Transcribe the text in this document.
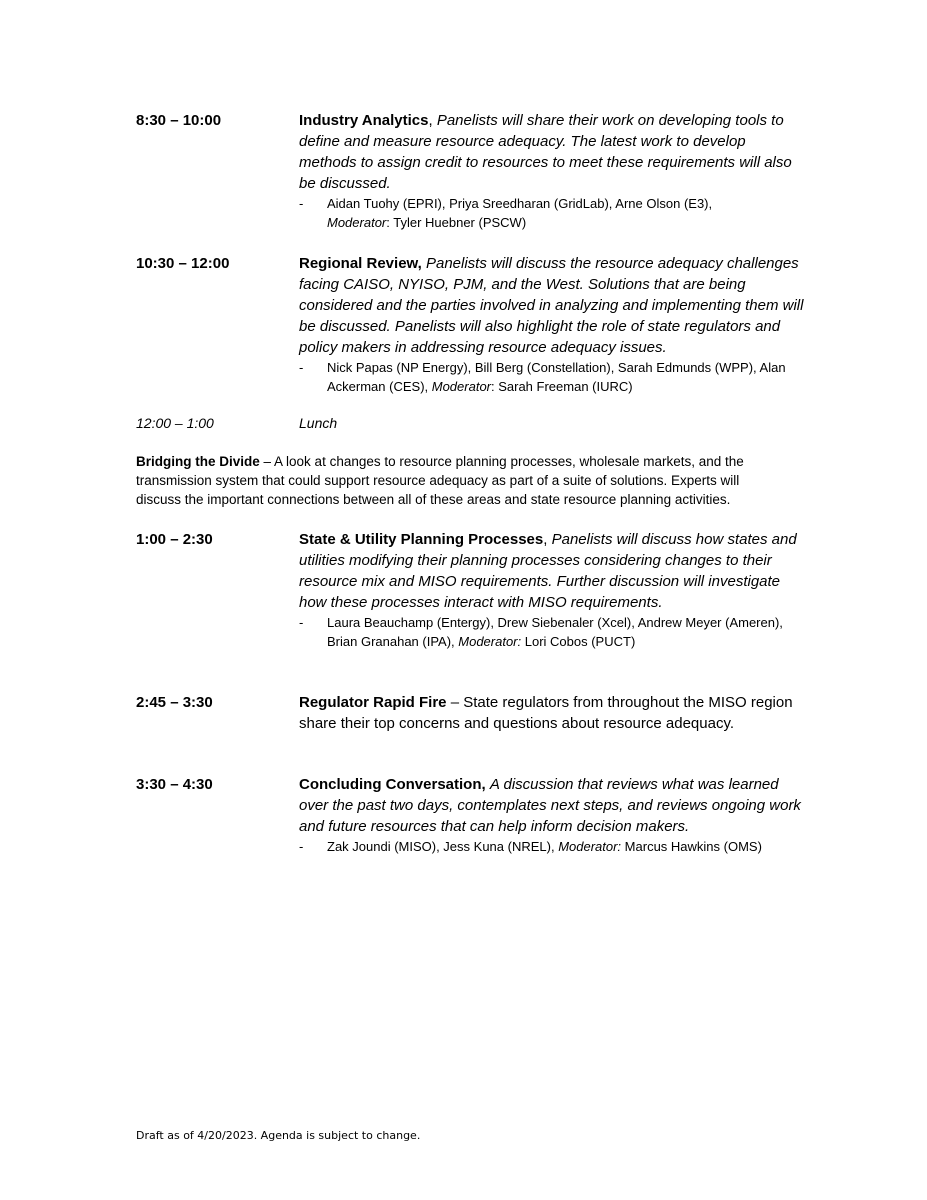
8:30 – 10:00	Industry Analytics, Panelists will share their work on developing tools to define and measure resource adequacy. The latest work to develop methods to assign credit to resources to meet these requirements will also be discussed.

- Aidan Tuohy (EPRI), Priya Sreedharan (GridLab), Arne Olson (E3),
Moderator: Tyler Huebner (PSCW)

10:30 – 12:00	Regional Review, Panelists will discuss the resource adequacy challenges facing CAISO, NYISO, PJM, and the West. Solutions that are being considered and the parties involved in analyzing and implementing them will be discussed. Panelists will also highlight the role of state regulators and policy makers in addressing resource adequacy issues.

- Nick Papas (NP Energy), Bill Berg (Constellation), Sarah Edmunds (WPP), Alan Ackerman (CES), Moderator: Sarah Freeman (IURC)

12:00 – 1:00	Lunch

Bridging the Divide – A look at changes to resource planning processes, wholesale markets, and the transmission system that could support resource adequacy as part of a suite of solutions. Experts will discuss the important connections between all of these areas and state resource planning activities.

1:00 – 2:30	State & Utility Planning Processes, Panelists will discuss how states and utilities modifying their planning processes considering changes to their resource mix and MISO requirements. Further discussion will investigate how these processes interact with MISO requirements.

- Laura Beauchamp (Entergy), Drew Siebenaler (Xcel), Andrew Meyer (Ameren), Brian Granahan (IPA), Moderator: Lori Cobos (PUCT)

2:45 – 3:30	Regulator Rapid Fire – State regulators from throughout the MISO region share their top concerns and questions about resource adequacy.

3:30 – 4:30	Concluding Conversation, A discussion that reviews what was learned over the past two days, contemplates next steps, and reviews ongoing work and future resources that can help inform decision makers.

- Zak Joundi (MISO), Jess Kuna (NREL), Moderator: Marcus Hawkins (OMS)

Draft as of 4/20/2023. Agenda is subject to change.
